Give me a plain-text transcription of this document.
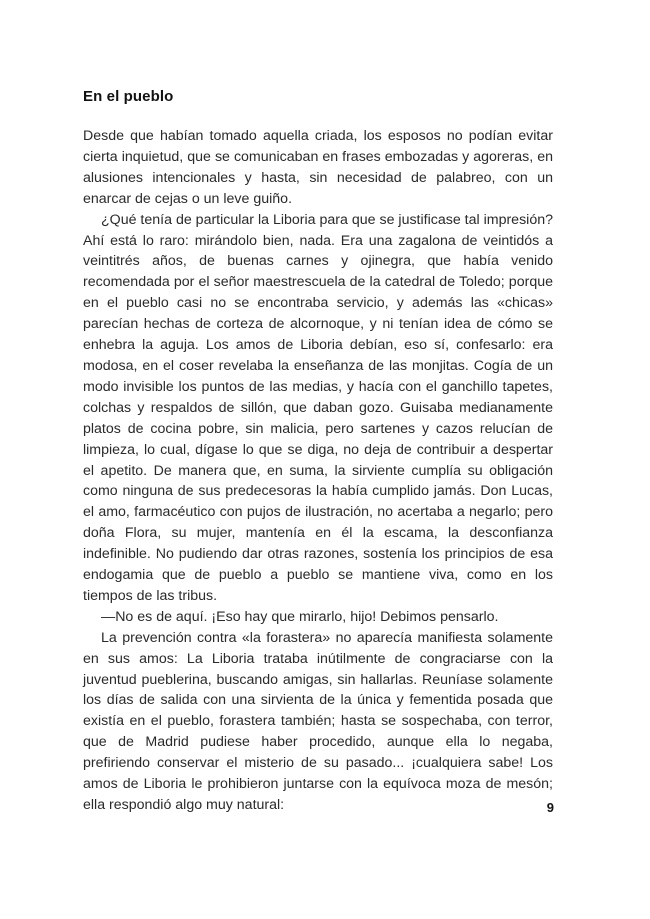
En el pueblo

Desde que habían tomado aquella criada, los esposos no podían evitar cierta inquietud, que se comunicaban en frases embozadas y agoreras, en alusiones intencionales y hasta, sin necesidad de palabreo, con un enarcar de cejas o un leve guiño.

¿Qué tenía de particular la Liboria para que se justificase tal impresión? Ahí está lo raro: mirándolo bien, nada. Era una zagalona de veintidós a veintitrés años, de buenas carnes y ojinegra, que había venido recomendada por el señor maestrescuela de la catedral de Toledo; porque en el pueblo casi no se encontraba servicio, y además las «chicas» parecían hechas de corteza de alcornoque, y ni tenían idea de cómo se enhebra la aguja. Los amos de Liboria debían, eso sí, confesarlo: era modosa, en el coser revelaba la enseñanza de las monjitas. Cogía de un modo invisible los puntos de las medias, y hacía con el ganchillo tapetes, colchas y respaldos de sillón, que daban gozo. Guisaba medianamente platos de cocina pobre, sin malicia, pero sartenes y cazos relucían de limpieza, lo cual, dígase lo que se diga, no deja de contribuir a despertar el apetito. De manera que, en suma, la sirviente cumplía su obligación como ninguna de sus predecesoras la había cumplido jamás. Don Lucas, el amo, farmacéutico con pujos de ilustración, no acertaba a negarlo; pero doña Flora, su mujer, mantenía en él la escama, la desconfianza indefinible. No pudiendo dar otras razones, sostenía los principios de esa endogamia que de pueblo a pueblo se mantiene viva, como en los tiempos de las tribus.

—No es de aquí. ¡Eso hay que mirarlo, hijo! Debimos pensarlo.

La prevención contra «la forastera» no aparecía manifiesta solamente en sus amos: La Liboria trataba inútilmente de congraciarse con la juventud pueblerina, buscando amigas, sin hallarlas. Reuníase solamente los días de salida con una sirvienta de la única y fementida posada que existía en el pueblo, forastera también; hasta se sospechaba, con terror, que de Madrid pudiese haber procedido, aunque ella lo negaba, prefiriendo conservar el misterio de su pasado... ¡cualquiera sabe! Los amos de Liboria le prohibieron juntarse con la equívoca moza de mesón; ella respondió algo muy natural:	9
